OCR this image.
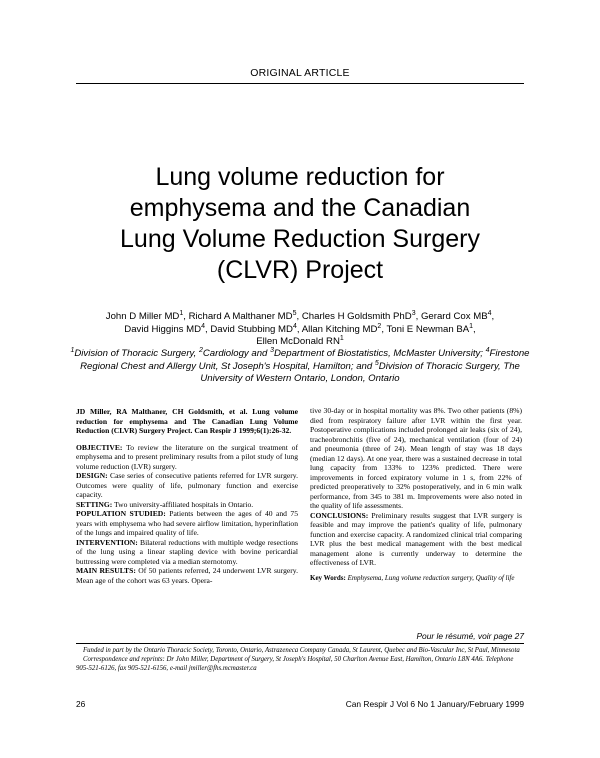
ORIGINAL ARTICLE
Lung volume reduction for
emphysema and the Canadian
Lung Volume Reduction Surgery
(CLVR) Project
John D Miller $MD^1$, Richard A Malthaner $MD^5$, Charles H Goldsmith PhD$^3$, Gerard Cox $MB^4$,
David Higgins $MD^4$, David Stubbing $MD^4$, Allan Kitching $MD^2$, Toni E Newman $BA^1$,
Ellen McDonald $RN^1$
$^1$Division of Thoracic Surgery, $^2$Cardiology and $^3$Department of Biostatistics, McMaster University; $^4$Firestone Regional Chest and Allergy Unit, St Joseph's Hospital, Hamilton; and $^5$Division of Thoracic Surgery, The University of Western Ontario, London, Ontario

JD Miller, RA Malthaner, CH Goldsmith, et al. Lung volume reduction for emphysema and The Canadian Lung Volume Reduction (CLVR) Surgery Project. Can Respir J 1999;6(1):26-32.

OBJECTIVE: To review the literature on the surgical treatment of emphysema and to present preliminary results from a pilot study of lung volume reduction (LVR) surgery.

DESIGN: Case series of consecutive patients referred for LVR surgery. Outcomes were quality of life, pulmonary function and exercise capacity.

SETTING: Two university-affiliated hospitals in Ontario.

POPULATION STUDIED: Patients between the ages of 40 and 75 years with emphysema who had severe airflow limitation, hyperinflation of the lungs and impaired quality of life.

INTERVENTION: Bilateral reductions with multiple wedge resections of the lung using a linear stapling device with bovine pericardial buttressing were completed via a median sternotomy.

MAIN RESULTS: Of 50 patients referred, 24 underwent LVR surgery. Mean age of the cohort was 63 years. Opera-

tive 30-day or in hospital mortality was 8%. Two other patients (8%) died from respiratory failure after LVR within the first year. Postoperative complications included prolonged air leaks (six of 24), tracheobronchitis (five of 24), mechanical ventilation (four of 24) and pneumonia (three of 24). Mean length of stay was 18 days (median 12 days). At one year, there was a sustained decrease in total lung capacity from 133% to 123% predicted. There were improvements in forced expiratory volume in 1 s, from 22% of predicted preoperatively to 32% postoperatively, and in 6 min walk performance, from 345 to 381 m. Improvements were also noted in the quality of life assessments.

CONCLUSIONS: Preliminary results suggest that LVR surgery is feasible and may improve the patient's quality of life, pulmonary function and exercise capacity. A randomized clinical trial comparing LVR plus the best medical management with the best medical management alone is currently underway to determine the effectiveness of LVR.

Key Words: Emphysema, Lung volume reduction surgery, Quality of life

Pour le résumé, voir page 27

Funded in part by the Ontario Thoracic Society, Toronto, Ontario, Astrazeneca Company Canada, St Laurent, Quebec and Bio-Vascular Inc, St Paul, Minnesota

Correspondence and reprints: Dr John Miller, Department of Surgery, St Joseph's Hospital, 50 Charlton Avenue East, Hamilton, Ontario L8N 4A6. Telephone 905-521-6126, fax 905-521-6156, e-mail jmiller@fhs.mcmaster.ca

26	Can Respir J Vol 6 No 1 January/February 1999
